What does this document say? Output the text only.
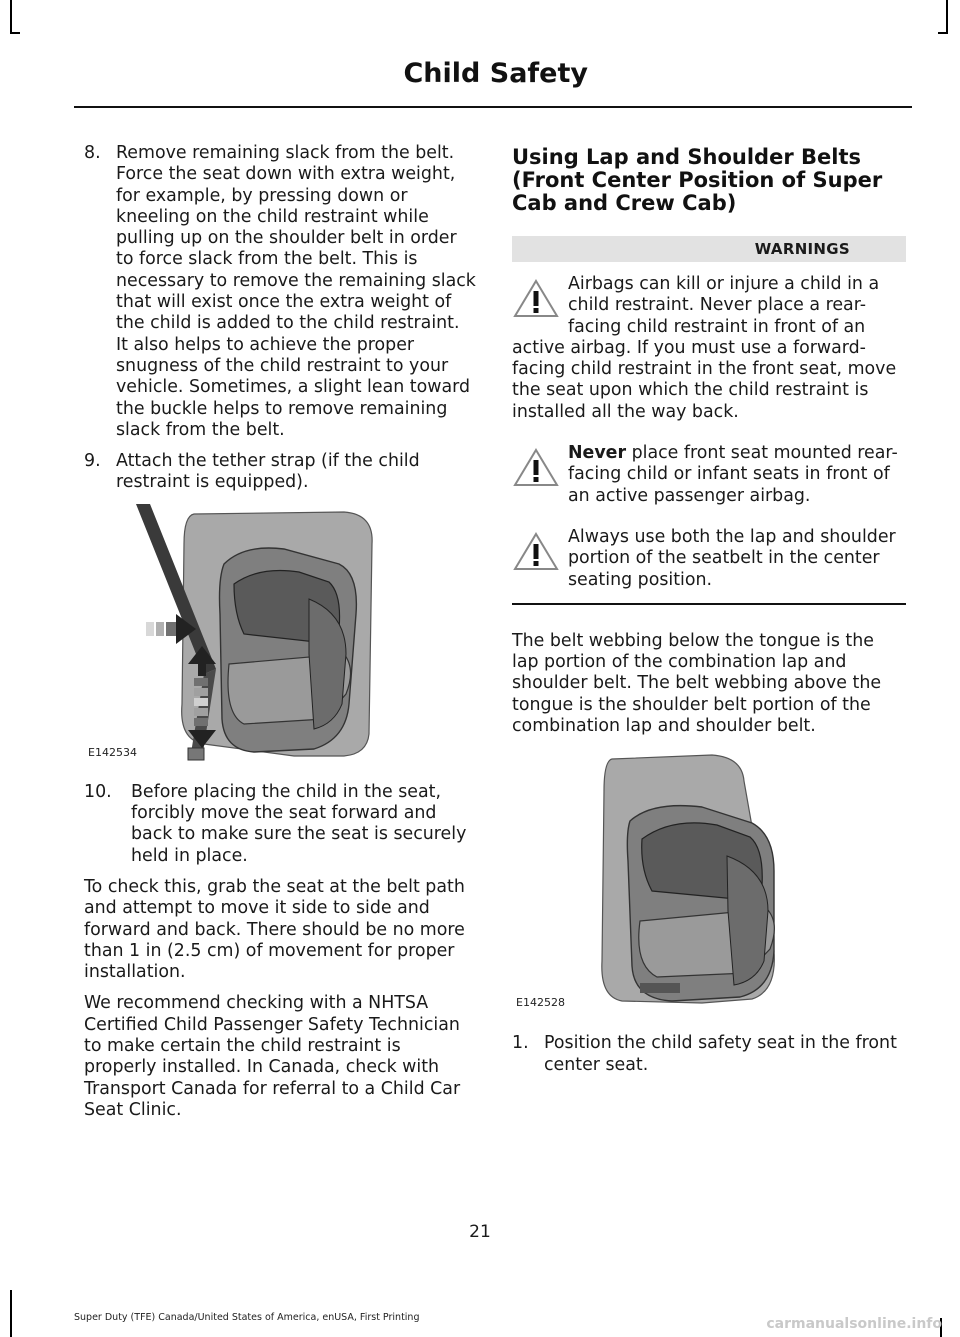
Child Safety
8. Remove remaining slack from the belt. Force the seat down with extra weight, for example, by pressing down or kneeling on the child restraint while pulling up on the shoulder belt in order to force slack from the belt. This is necessary to remove the remaining slack that will exist once the extra weight of the child is added to the child restraint. It also helps to achieve the proper snugness of the child restraint to your vehicle. Sometimes, a slight lean toward the buckle helps to remove remaining slack from the belt.
9. Attach the tether strap (if the child restraint is equipped).
E142534
10.	Before placing the child in the seat, forcibly move the seat forward and back to make sure the seat is securely held in place.

To check this, grab the seat at the belt path and attempt to move it side to side and forward and back. There should be no more than 1 in (2.5 cm) of movement for proper installation.

We recommend checking with a NHTSA Certified Child Passenger Safety Technician to make certain the child restraint is properly installed. In Canada, check with Transport Canada for referral to a Child Car Seat Clinic.

Using Lap and Shoulder Belts (Front Center Position of Super Cab and Crew Cab)
WARNINGS
Airbags can kill or injure a child in a child restraint. Never place a rear-facing child restraint in front of an active airbag. If you must use a forward-facing child restraint in the front seat, move the seat upon which the child restraint is installed all the way back.
Never place front seat mounted rear-facing child or infant seats in front of an active passenger airbag.
Always use both the lap and shoulder portion of the seatbelt in the center seating position.

The belt webbing below the tongue is the lap portion of the combination lap and shoulder belt. The belt webbing above the tongue is the shoulder belt portion of the combination lap and shoulder belt.

E142528
1. Position the child safety seat in the front center seat.
21
Super Duty (TFE) Canada/United States of America, enUSA, First Printing	carmanualsonline.info
